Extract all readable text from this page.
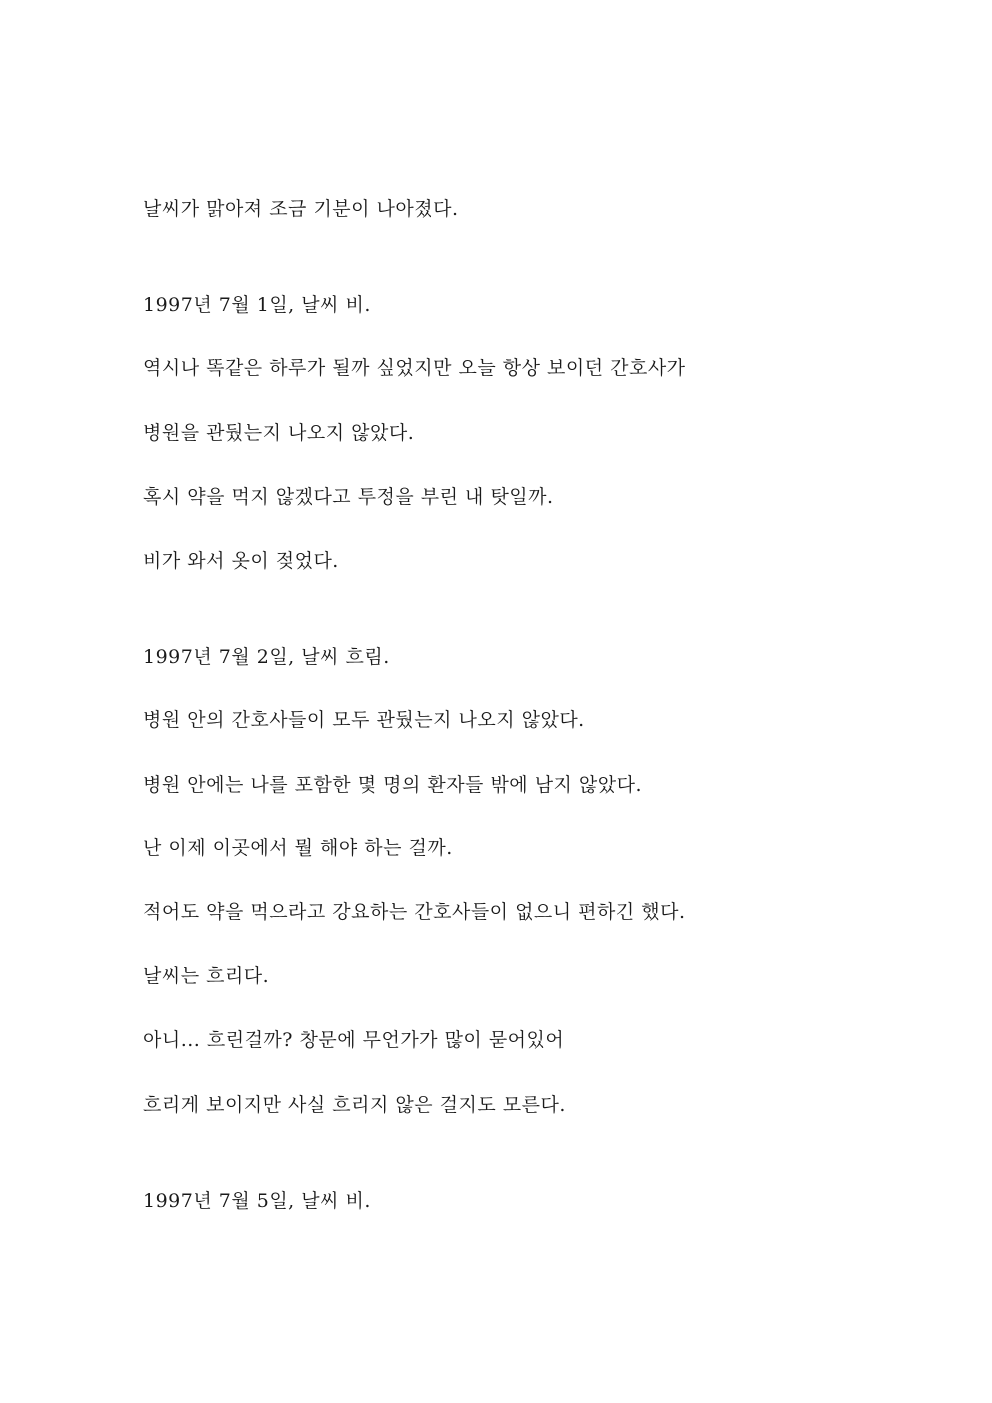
날씨가 맑아져 조금 기분이 나아졌다.
1997년 7월 1일, 날씨 비.
역시나 똑같은 하루가 될까 싶었지만 오늘 항상 보이던 간호사가
병원을 관뒀는지 나오지 않았다.
혹시 약을 먹지 않겠다고 투정을 부린 내 탓일까.
비가 와서 옷이 젖었다.
1997년 7월 2일, 날씨 흐림.
병원 안의 간호사들이 모두 관뒀는지 나오지 않았다.
병원 안에는 나를 포함한 몇 명의 환자들 밖에 남지 않았다.
난 이제 이곳에서 뭘 해야 하는 걸까.
적어도 약을 먹으라고 강요하는 간호사들이 없으니 편하긴 했다.
날씨는 흐리다.
아니... 흐린걸까? 창문에 무언가가 많이 묻어있어
흐리게 보이지만 사실 흐리지 않은 걸지도 모른다.
1997년 7월 5일, 날씨 비.
